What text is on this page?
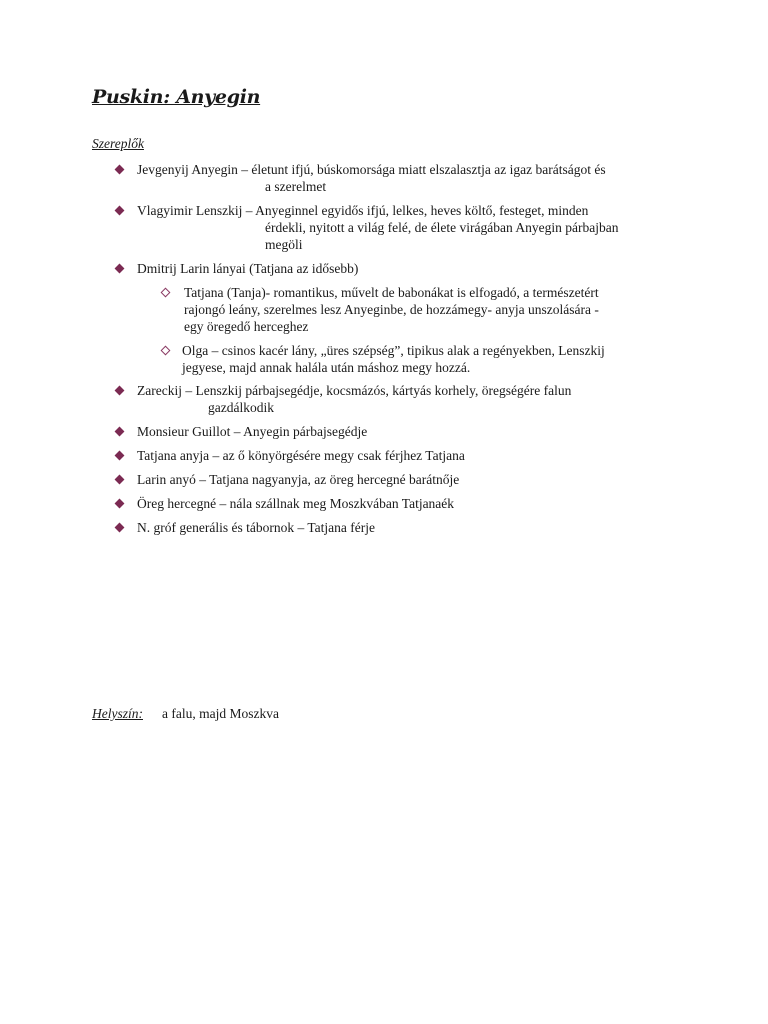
Puskin: Anyegin
Szereplők
Jevgenyij Anyegin – életunt ifjú, búskomorsága miatt elszalasztja az igaz barátságot és
a szerelmet
Vlagyimir Lenszkij – Anyeginnel egyidős ifjú, lelkes, heves költő, festeget, minden
érdekli, nyitott a világ felé, de élete virágában Anyegin párbajban
megöli
Dmitrij Larin lányai (Tatjana az idősebb)
Tatjana (Tanja)- romantikus, művelt de babonákat is elfogadó, a természetért
rajongó leány, szerelmes lesz Anyeginbe, de hozzámegy- anyja unszolására -
egy öregedő herceghez
Olga – csinos kacér lány, „üres szépség”, tipikus alak a regényekben, Lenszkij
jegyese, majd annak halála után máshoz megy hozzá.
Zareckij – Lenszkij párbajsegédje, kocsmázós, kártyás korhely, öregségére falun
gazdálkodik
Monsieur Guillot – Anyegin párbajsegédje
Tatjana anyja – az ő könyörgésére megy csak férjhez Tatjana
Larin anyó – Tatjana nagyanyja, az öreg hercegné barátnője
Öreg hercegné – nála szállnak meg Moszkvában Tatjanaék
N. gróf generális és tábornok – Tatjana férje
Helyszín: a falu, majd Moszkva
